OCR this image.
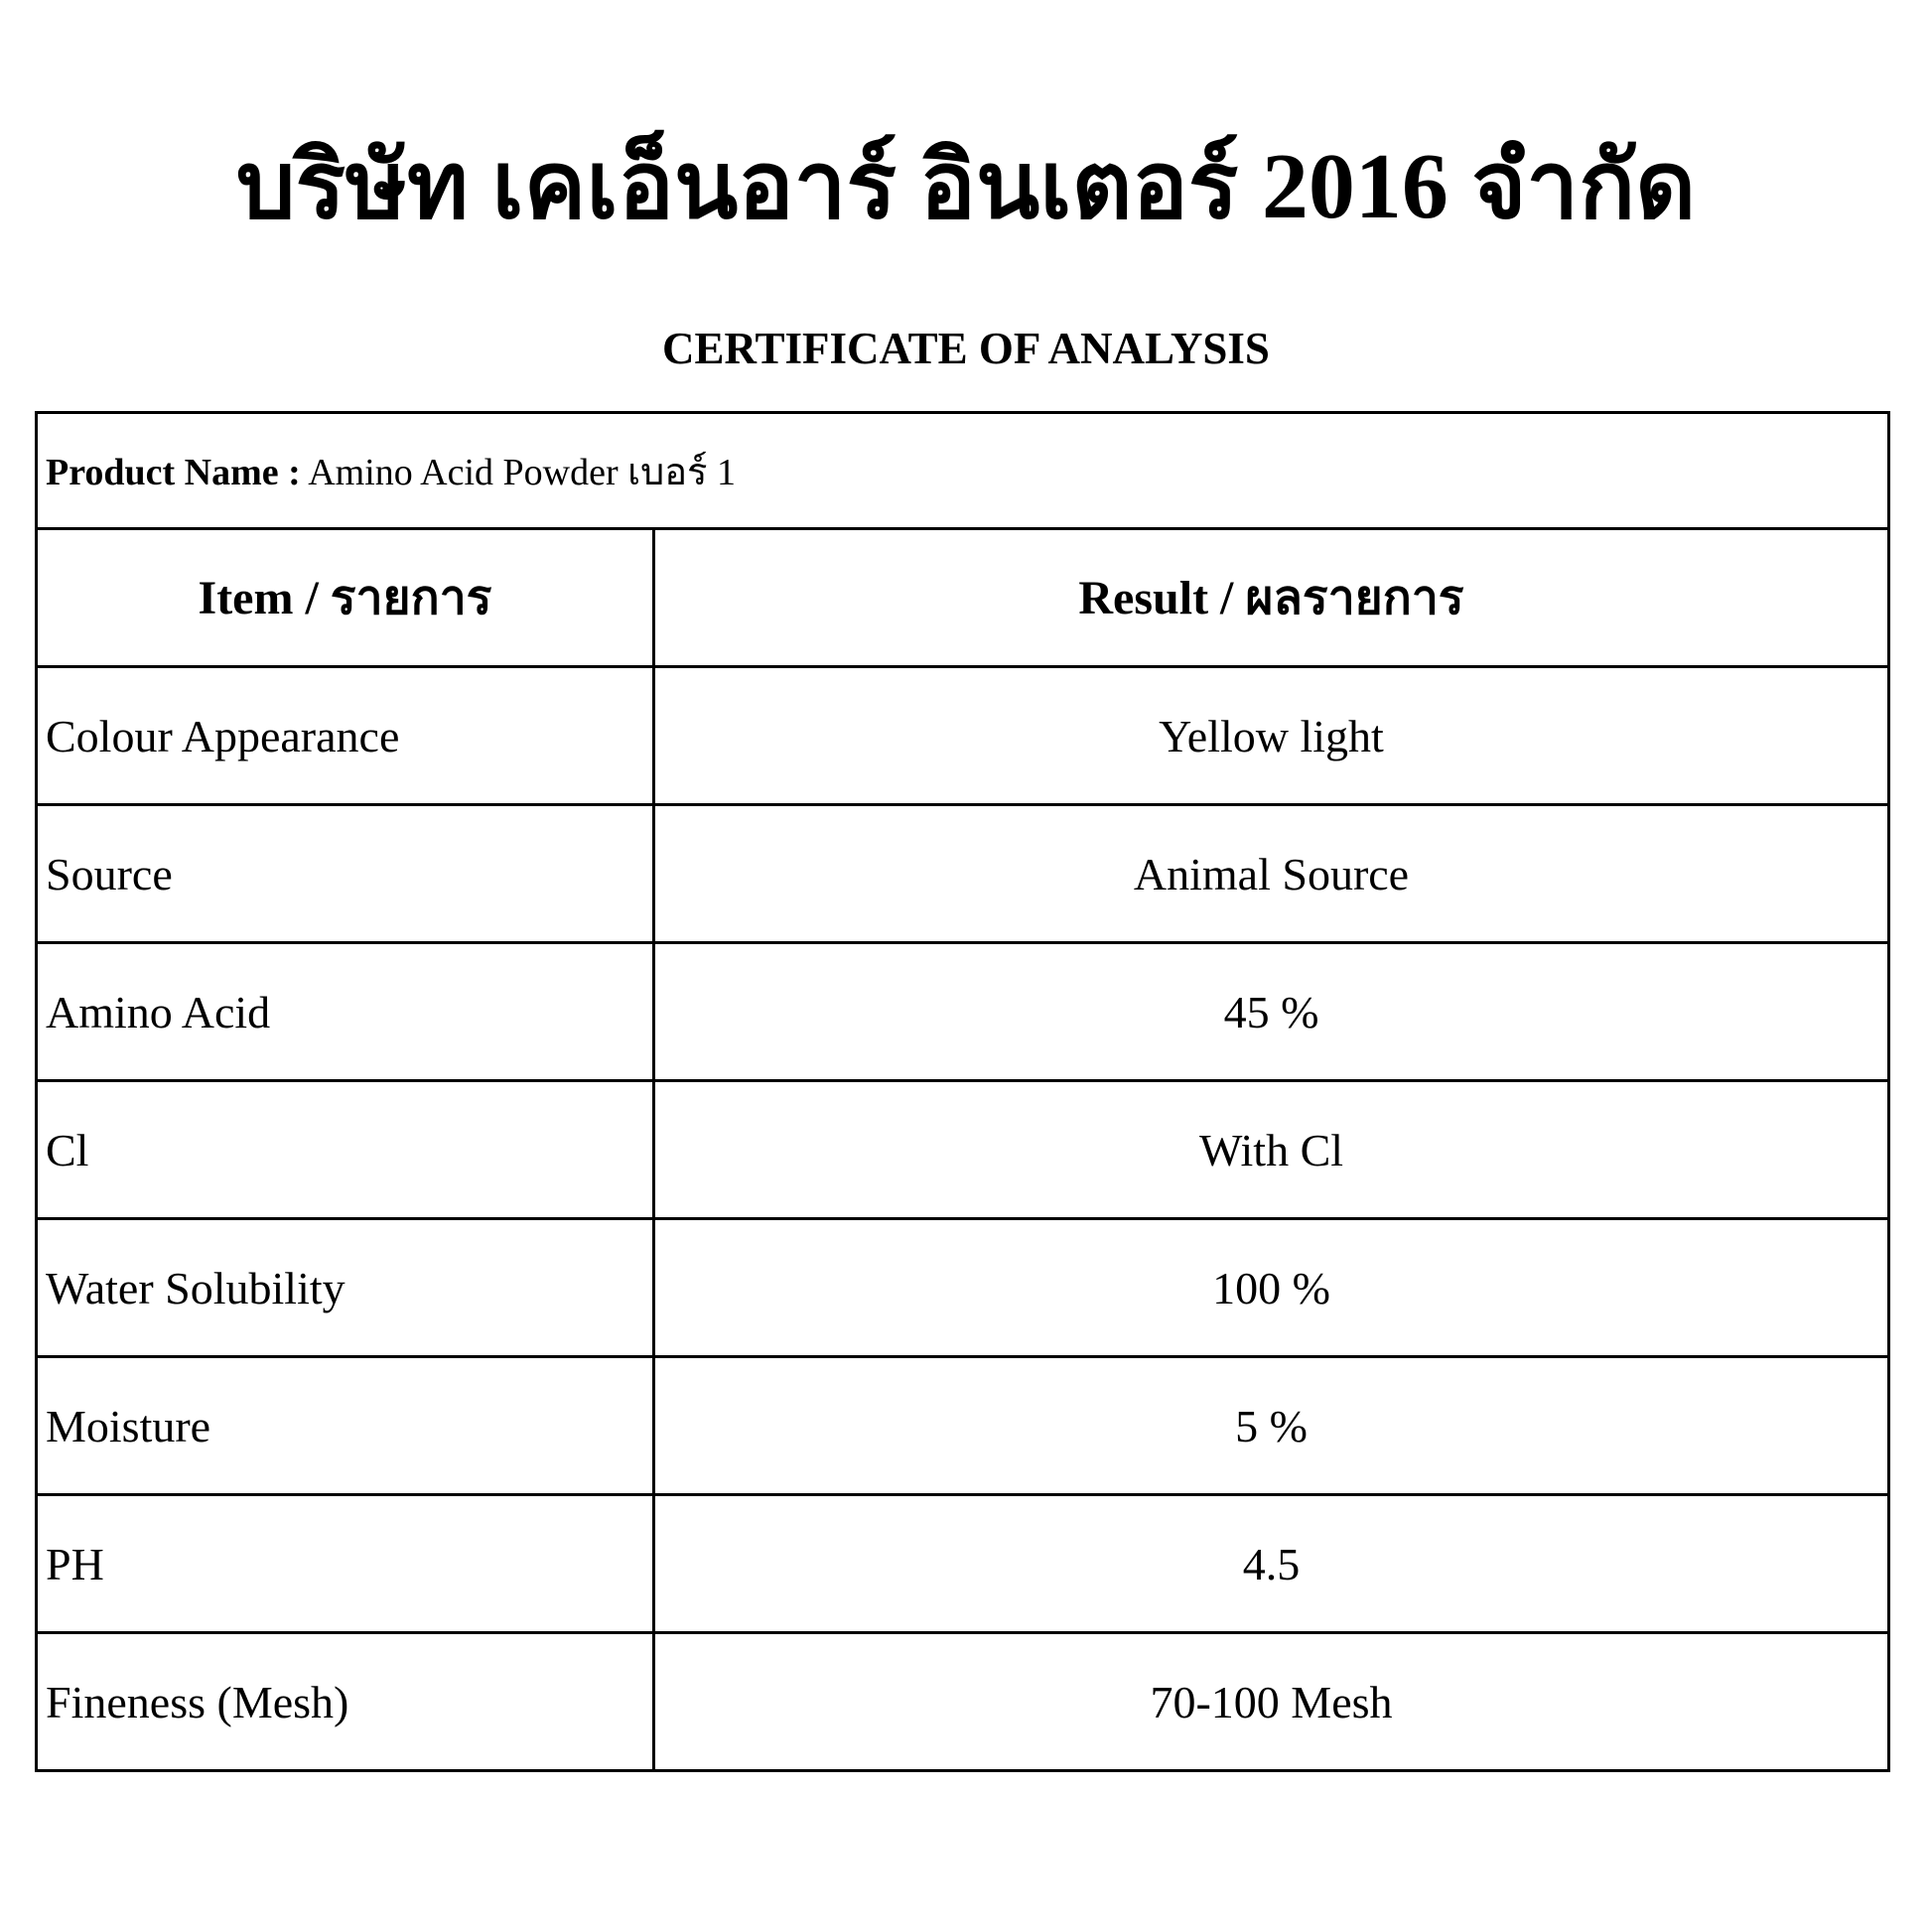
บริษัท เคเอ็นอาร์ อินเตอร์ 2016 จำกัด
CERTIFICATE OF ANALYSIS
Product Name : Amino Acid Powder เบอร์ 1	
Item / รายการ	Result / ผลรายการ
Colour Appearance	Yellow light
Source	Animal Source
Amino Acid	45 %
Cl	With Cl
Water Solubility	100 %
Moisture	5 %
PH	4.5
Fineness (Mesh)	70-100 Mesh
